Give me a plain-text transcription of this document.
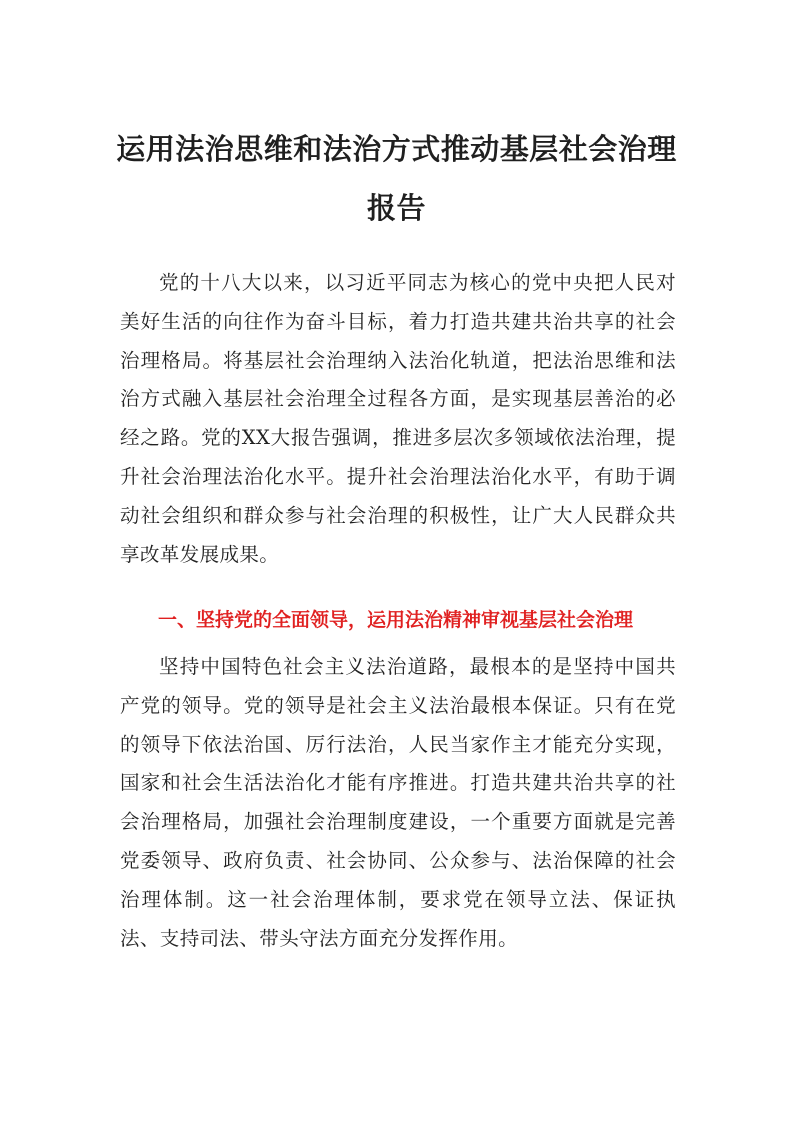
运用法治思维和法治方式推动基层社会治理
报告

党的十八大以来，以习近平同志为核心的党中央把人民对美好生活的向往作为奋斗目标，着力打造共建共治共享的社会治理格局。将基层社会治理纳入法治化轨道，把法治思维和法治方式融入基层社会治理全过程各方面，是实现基层善治的必经之路。党的XX大报告强调，推进多层次多领域依法治理，提升社会治理法治化水平。提升社会治理法治化水平，有助于调动社会组织和群众参与社会治理的积极性，让广大人民群众共享改革发展成果。

一、坚持党的全面领导，运用法治精神审视基层社会治理

坚持中国特色社会主义法治道路，最根本的是坚持中国共产党的领导。党的领导是社会主义法治最根本保证。只有在党的领导下依法治国、厉行法治，人民当家作主才能充分实现，国家和社会生活法治化才能有序推进。打造共建共治共享的社会治理格局，加强社会治理制度建设，一个重要方面就是完善党委领导、政府负责、社会协同、公众参与、法治保障的社会治理体制。这一社会治理体制，要求党在领导立法、保证执法、支持司法、带头守法方面充分发挥作用。
